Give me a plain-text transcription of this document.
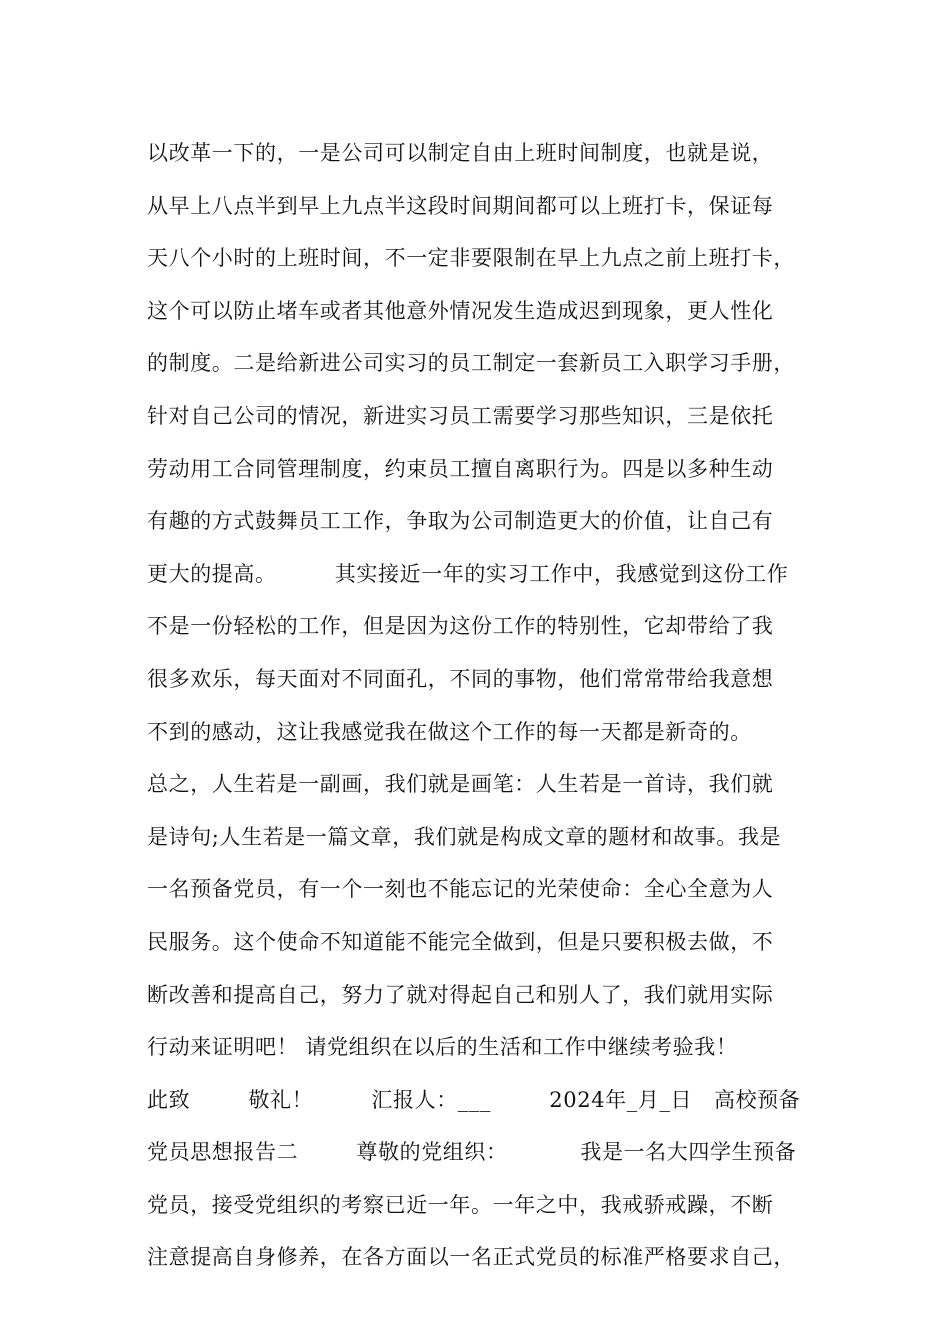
以改革一下的，一是公司可以制定自由上班时间制度，也就是说，
从早上八点半到早上九点半这段时间期间都可以上班打卡，保证每
天八个小时的上班时间，不一定非要限制在早上九点之前上班打卡，
这个可以防止堵车或者其他意外情况发生造成迟到现象，更人性化
的制度。二是给新进公司实习的员工制定一套新员工入职学习手册，
针对自己公司的情况，新进实习员工需要学习那些知识，三是依托
劳动用工合同管理制度，约束员工擅自离职行为。四是以多种生动
有趣的方式鼓舞员工工作，争取为公司制造更大的价值，让自己有
更大的提高。        其实接近一年的实习工作中，我感觉到这份工作
不是一份轻松的工作，但是因为这份工作的特别性，它却带给了我
很多欢乐，每天面对不同面孔，不同的事物，他们常常带给我意想
不到的感动，这让我感觉我在做这个工作的每一天都是新奇的。
总之，人生若是一副画，我们就是画笔：人生若是一首诗，我们就
是诗句;人生若是一篇文章，我们就是构成文章的题材和故事。我是
一名预备党员，有一个一刻也不能忘记的光荣使命：全心全意为人
民服务。这个使命不知道能不能完全做到，但是只要积极去做，不
断改善和提高自己，努力了就对得起自己和别人了，我们就用实际
行动来证明吧！ 请党组织在以后的生活和工作中继续考验我！
此致        敬礼！        汇报人：___        2024年_月_日   高校预备
党员思想报告二        尊敬的党组织：          我是一名大四学生预备
党员，接受党组织的考察已近一年。一年之中，我戒骄戒躁，不断
注意提高自身修养，在各方面以一名正式党员的标准严格要求自己，
